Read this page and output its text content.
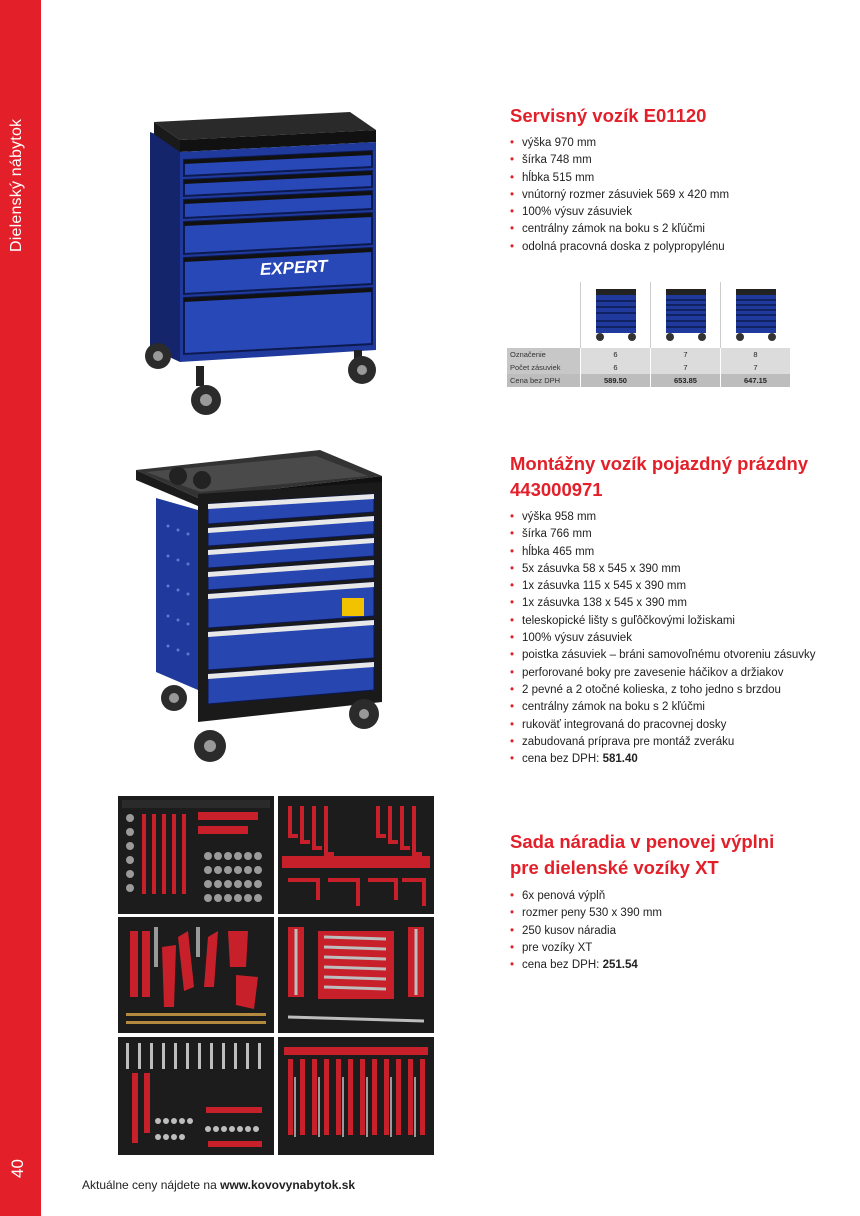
Dielenský nábytok
40
EXPERT
Servisný vozík E01120
• výška 970 mm
• šírka 748 mm
• hĺbka 515 mm
• vnútorný rozmer zásuviek 569 x 420 mm
• 100% výsuv zásuviek
• centrálny zámok na boku s 2 kľúčmi
• odolná pracovná doska z polypropylénu

Označenie	6	7	8
Počet zásuviek	6	7	7
Cena bez DPH	589.50	653.85	647.15
Montážny vozík pojazdný prázdny
443000971
• výška 958 mm
• šírka 766 mm
• hĺbka 465 mm
• 5x zásuvka 58 x 545 x 390 mm
• 1x zásuvka 115 x 545 x 390 mm
• 1x zásuvka 138 x 545 x 390 mm
• teleskopické lišty s guľôčkovými ložiskami
• 100% výsuv zásuviek
• poistka zásuviek – bráni samovoľnému otvoreniu zásuvky
• perforované boky pre zavesenie háčikov a držiakov
• 2 pevné a 2 otočné kolieska, z toho jedno s brzdou
• centrálny zámok na boku s 2 kľúčmi
• rukoväť integrovaná do pracovnej dosky
• zabudovaná príprava pre montáž zveráku
• cena bez DPH: 581.40
Sada náradia v penovej výplni
pre dielenské vozíky XT
• 6x penová výplň
• rozmer peny 530 x 390 mm
• 250 kusov náradia
• pre vozíky XT
• cena bez DPH: 251.54
Aktuálne ceny nájdete na www.kovovynabytok.sk
